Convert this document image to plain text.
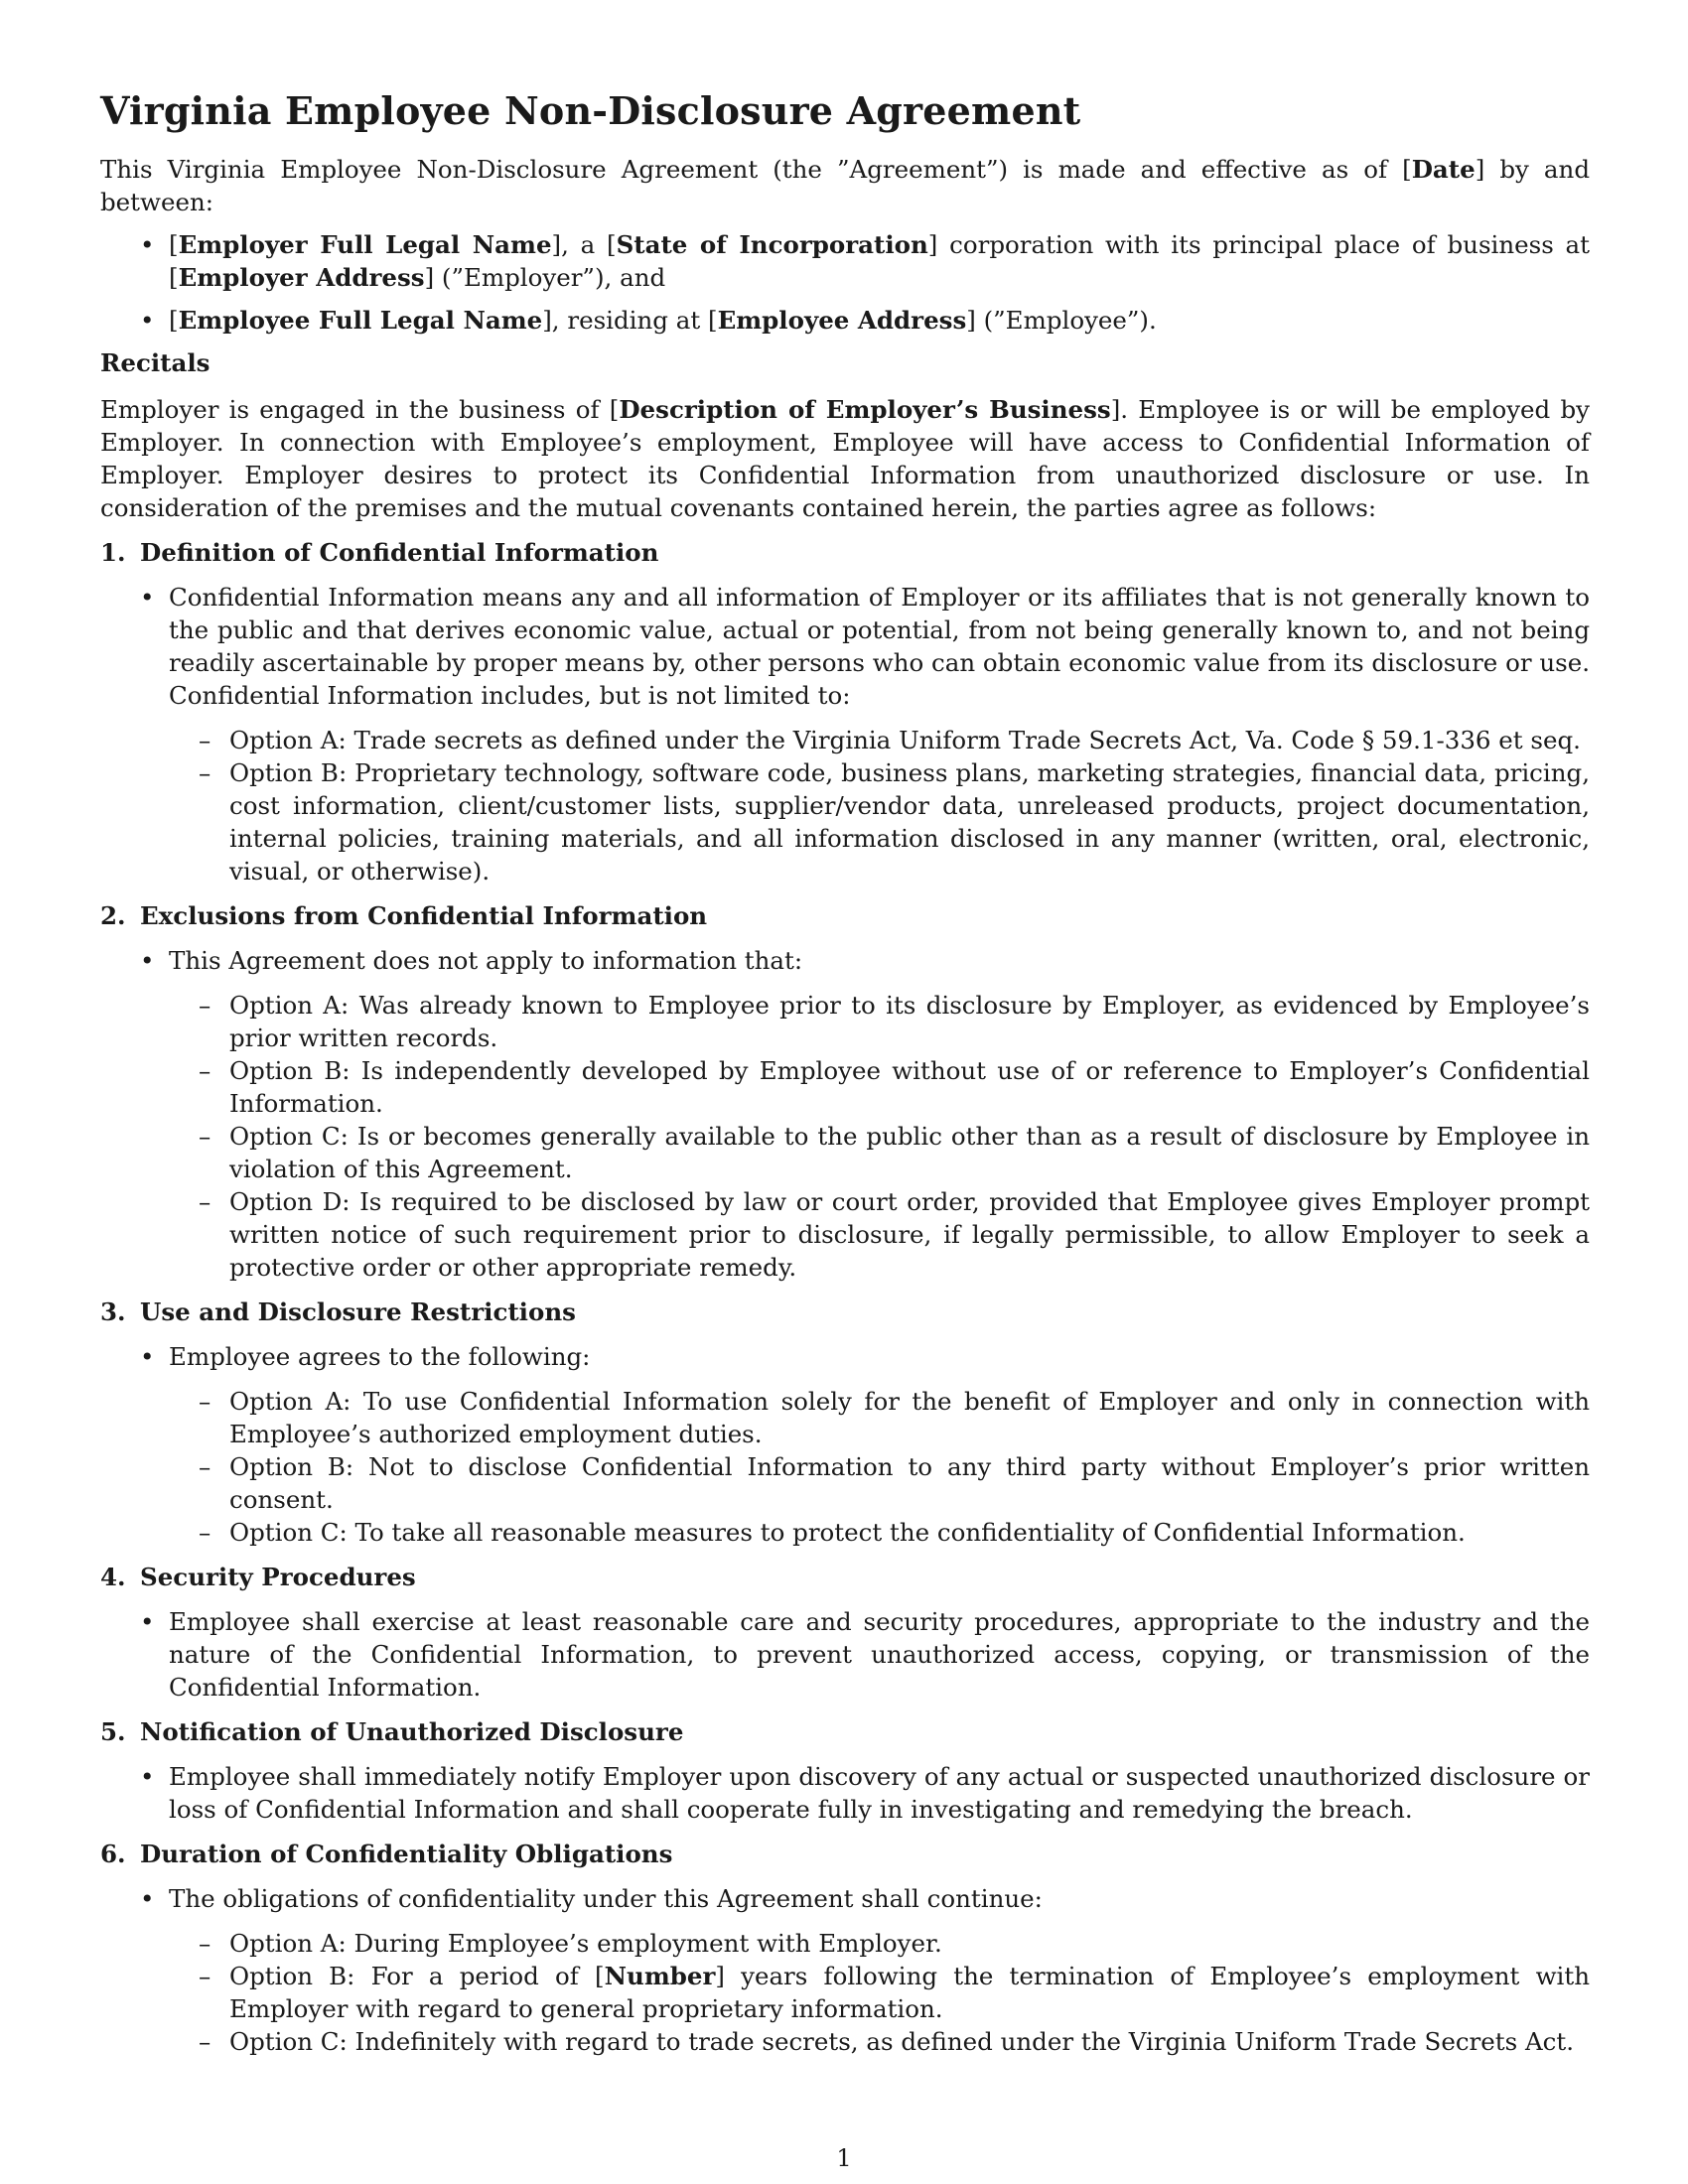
Virginia Employee Non-Disclosure Agreement

This Virginia Employee Non-Disclosure Agreement (the ”Agreement”) is made and effective as of [Date] by and between:

• [Employer Full Legal Name], a [State of Incorporation] corporation with its principal place of business at [Employer Address] (”Employer”), and
• [Employee Full Legal Name], residing at [Employee Address] (”Employee”).
Recitals

Employer is engaged in the business of [Description of Employer’s Business]. Employee is or will be employed by Employer. In connection with Employee’s employment, Employee will have access to Confidential Information of Employer. Employer desires to protect its Confidential Information from unauthorized disclosure or use. In consideration of the premises and the mutual covenants contained herein, the parties agree as follows:

1. Definition of Confidential Information
• Confidential Information means any and all information of Employer or its affiliates that is not generally known to the public and that derives economic value, actual or potential, from not being generally known to, and not being readily ascertainable by proper means by, other persons who can obtain economic value from its disclosure or use. Confidential Information includes, but is not limited to:
– Option A: Trade secrets as defined under the Virginia Uniform Trade Secrets Act, Va. Code § 59.1-336 et seq.
– Option B: Proprietary technology, software code, business plans, marketing strategies, financial data, pricing, cost information, client/customer lists, supplier/vendor data, unreleased products, project documentation, internal policies, training materials, and all information disclosed in any manner (written, oral, electronic, visual, or otherwise).
2. Exclusions from Confidential Information
• This Agreement does not apply to information that:
– Option A: Was already known to Employee prior to its disclosure by Employer, as evidenced by Employee’s prior written records.
– Option B: Is independently developed by Employee without use of or reference to Employer’s Confidential Information.
– Option C: Is or becomes generally available to the public other than as a result of disclosure by Employee in violation of this Agreement.
– Option D: Is required to be disclosed by law or court order, provided that Employee gives Employer prompt written notice of such requirement prior to disclosure, if legally permissible, to allow Employer to seek a protective order or other appropriate remedy.
3. Use and Disclosure Restrictions
• Employee agrees to the following:
– Option A: To use Confidential Information solely for the benefit of Employer and only in connection with Employee’s authorized employment duties.
– Option B: Not to disclose Confidential Information to any third party without Employer’s prior written consent.
– Option C: To take all reasonable measures to protect the confidentiality of Confidential Information.
4. Security Procedures
• Employee shall exercise at least reasonable care and security procedures, appropriate to the industry and the nature of the Confidential Information, to prevent unauthorized access, copying, or transmission of the Confidential Information.
5. Notification of Unauthorized Disclosure
• Employee shall immediately notify Employer upon discovery of any actual or suspected unauthorized disclosure or loss of Confidential Information and shall cooperate fully in investigating and remedying the breach.
6. Duration of Confidentiality Obligations
• The obligations of confidentiality under this Agreement shall continue:
– Option A: During Employee’s employment with Employer.
– Option B: For a period of [Number] years following the termination of Employee’s employment with Employer with regard to general proprietary information.
– Option C: Indefinitely with regard to trade secrets, as defined under the Virginia Uniform Trade Secrets Act.
1
